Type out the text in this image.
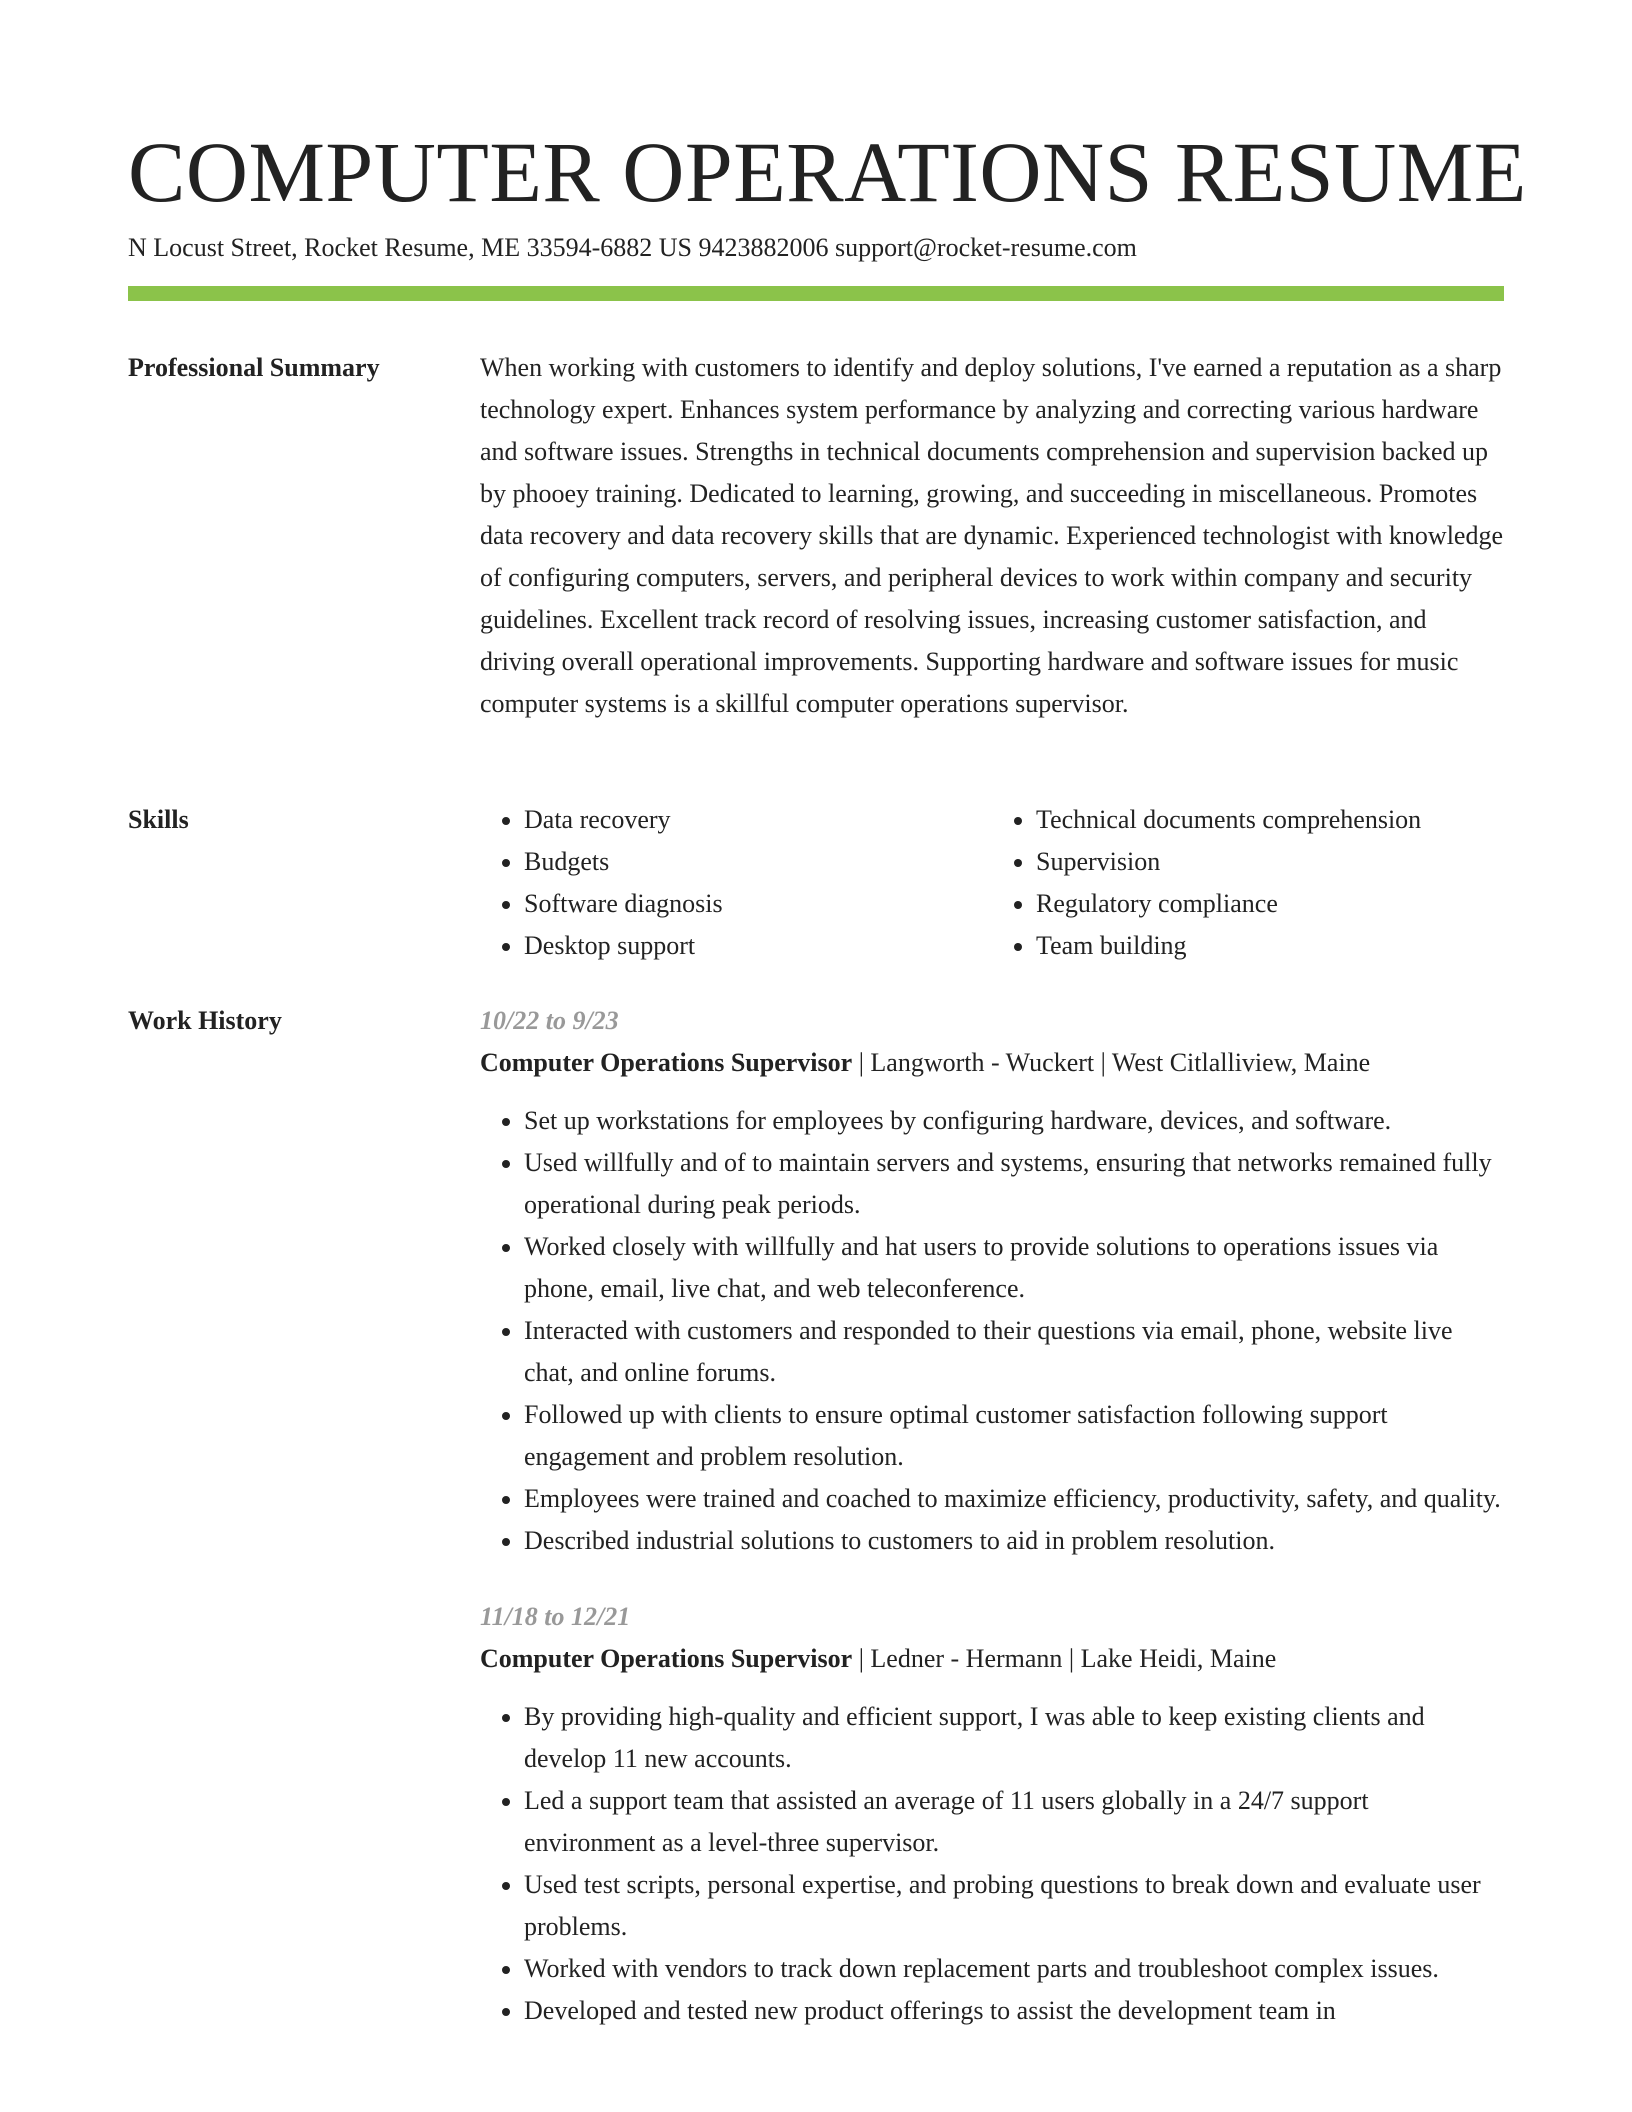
COMPUTER OPERATIONS RESUME
N Locust Street, Rocket Resume, ME 33594-6882 US 9423882006 support@rocket-resume.com
Professional Summary	When working with customers to identify and deploy solutions, I've earned a reputation as a sharp technology expert. Enhances system performance by analyzing and correcting various hardware and software issues. Strengths in technical documents comprehension and supervision backed up by phooey training. Dedicated to learning, growing, and succeeding in miscellaneous. Promotes data recovery and data recovery skills that are dynamic. Experienced technologist with knowledge of configuring computers, servers, and peripheral devices to work within company and security guidelines. Excellent track record of resolving issues, increasing customer satisfaction, and driving overall operational improvements. Supporting hardware and software issues for music computer systems is a skillful computer operations supervisor.

Skills
•	Data recovery
• Budgets
• Software diagnosis
• Desktop support
• Technical documents comprehension
• Supervision
• Regulatory compliance
• Team building
Work History	10/22 to 9/23
Computer Operations Supervisor | Langworth - Wuckert | West Citlalliview, Maine
• Set up workstations for employees by configuring hardware, devices, and software.
• Used willfully and of to maintain servers and systems, ensuring that networks remained fully operational during peak periods.
• Worked closely with willfully and hat users to provide solutions to operations issues via phone, email, live chat, and web teleconference.
• Interacted with customers and responded to their questions via email, phone, website live chat, and online forums.
• Followed up with clients to ensure optimal customer satisfaction following support engagement and problem resolution.
• Employees were trained and coached to maximize efficiency, productivity, safety, and quality.
• Described industrial solutions to customers to aid in problem resolution.
11/18 to 12/21
Computer Operations Supervisor | Ledner - Hermann | Lake Heidi, Maine
• By providing high-quality and efficient support, I was able to keep existing clients and develop 11 new accounts.
• Led a support team that assisted an average of 11 users globally in a 24/7 support environment as a level-three supervisor.
• Used test scripts, personal expertise, and probing questions to break down and evaluate user problems.
• Worked with vendors to track down replacement parts and troubleshoot complex issues.
• Developed and tested new product offerings to assist the development team in
